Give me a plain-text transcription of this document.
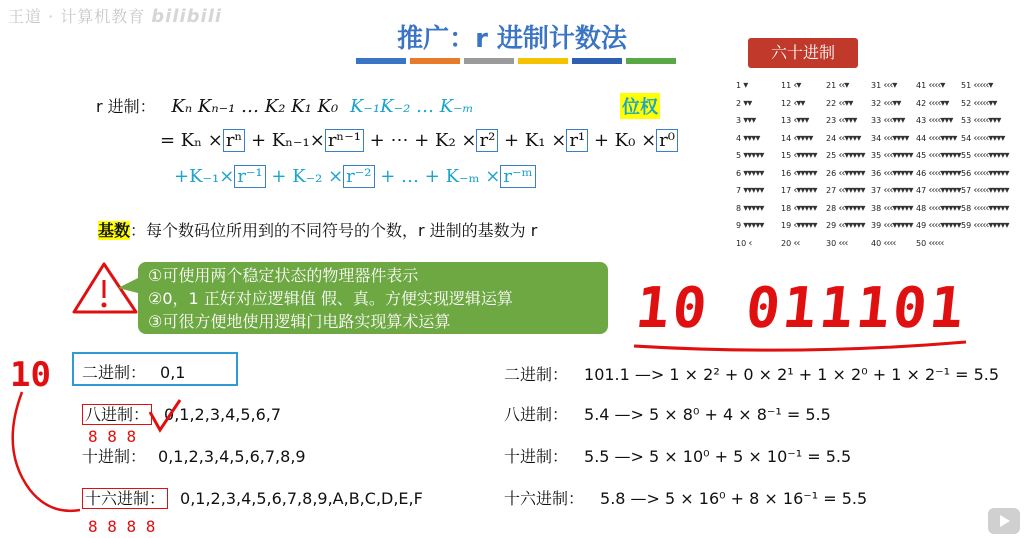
王道 · 计算机教育 bilibili
推广：r 进制计数法
r 进制： Kₙ Kₙ₋₁ … K₂ K₁ K₀ K₋₁K₋₂ … K₋ₘ	位权
= Kₙ × rⁿ + Kₙ₋₁× rⁿ⁻¹ + ⋯ + K₂ × r² + K₁ × r¹ + K₀ × r⁰
+K₋₁× r⁻¹ + K₋₂ × r⁻² + … + K₋ₘ × r⁻ᵐ
基数：每个数码位所用到的不同符号的个数，r 进制的基数为 r
①可使用两个稳定状态的物理器件表示
②0，1 正好对应逻辑值 假、真。方便实现逻辑运算
③可很方便地使用逻辑门电路实现算术运算	10 011101
二进制： 0,1
八进制： 0,1,2,3,4,5,6,7
十进制： 0,1,2,3,4,5,6,7,8,9
十六进制： 0,1,2,3,4,5,6,7,8,9,A,B,C,D,E,F
10
8 8 8
8 8 8 8
二进制： 101.1 —> 1 × 2² + 0 × 2¹ + 1 × 2⁰ + 1 × 2⁻¹ = 5.5
八进制： 5.4 —> 5 × 8⁰ + 4 × 8⁻¹ = 5.5
十进制： 5.5 —> 5 × 10⁰ + 5 × 10⁻¹ = 5.5
十六进制： 5.8 —> 5 × 16⁰ + 8 × 16⁻¹ = 5.5
六十进制
1 ▾
2 ▾▾
3 ▾▾▾
4 ▾▾▾▾
5 ▾▾▾▾▾
6 ▾▾▾▾▾
7 ▾▾▾▾▾
8 ▾▾▾▾▾
9 ▾▾▾▾▾
10 ‹
11 ‹▾
12 ‹▾▾
13 ‹▾▾▾
14 ‹▾▾▾▾
15 ‹▾▾▾▾▾
16 ‹▾▾▾▾▾
17 ‹▾▾▾▾▾
18 ‹▾▾▾▾▾
19 ‹▾▾▾▾▾
20 ‹‹
21 ‹‹▾
22 ‹‹▾▾
23 ‹‹▾▾▾
24 ‹‹▾▾▾▾
25 ‹‹▾▾▾▾▾
26 ‹‹▾▾▾▾▾
27 ‹‹▾▾▾▾▾
28 ‹‹▾▾▾▾▾
29 ‹‹▾▾▾▾▾
30 ‹‹‹
31 ‹‹‹▾
32 ‹‹‹▾▾
33 ‹‹‹▾▾▾
34 ‹‹‹▾▾▾▾
35 ‹‹‹▾▾▾▾▾
36 ‹‹‹▾▾▾▾▾
37 ‹‹‹▾▾▾▾▾
38 ‹‹‹▾▾▾▾▾
39 ‹‹‹▾▾▾▾▾
40 ‹‹‹‹
41 ‹‹‹‹▾
42 ‹‹‹‹▾▾
43 ‹‹‹‹▾▾▾
44 ‹‹‹‹▾▾▾▾
45 ‹‹‹‹▾▾▾▾▾
46 ‹‹‹‹▾▾▾▾▾
47 ‹‹‹‹▾▾▾▾▾
48 ‹‹‹‹▾▾▾▾▾
49 ‹‹‹‹▾▾▾▾▾
50 ‹‹‹‹‹
51 ‹‹‹‹‹▾
52 ‹‹‹‹‹▾▾
53 ‹‹‹‹‹▾▾▾
54 ‹‹‹‹‹▾▾▾▾
55 ‹‹‹‹‹▾▾▾▾▾
56 ‹‹‹‹‹▾▾▾▾▾
57 ‹‹‹‹‹▾▾▾▾▾
58 ‹‹‹‹‹▾▾▾▾▾
59 ‹‹‹‹‹▾▾▾▾▾
